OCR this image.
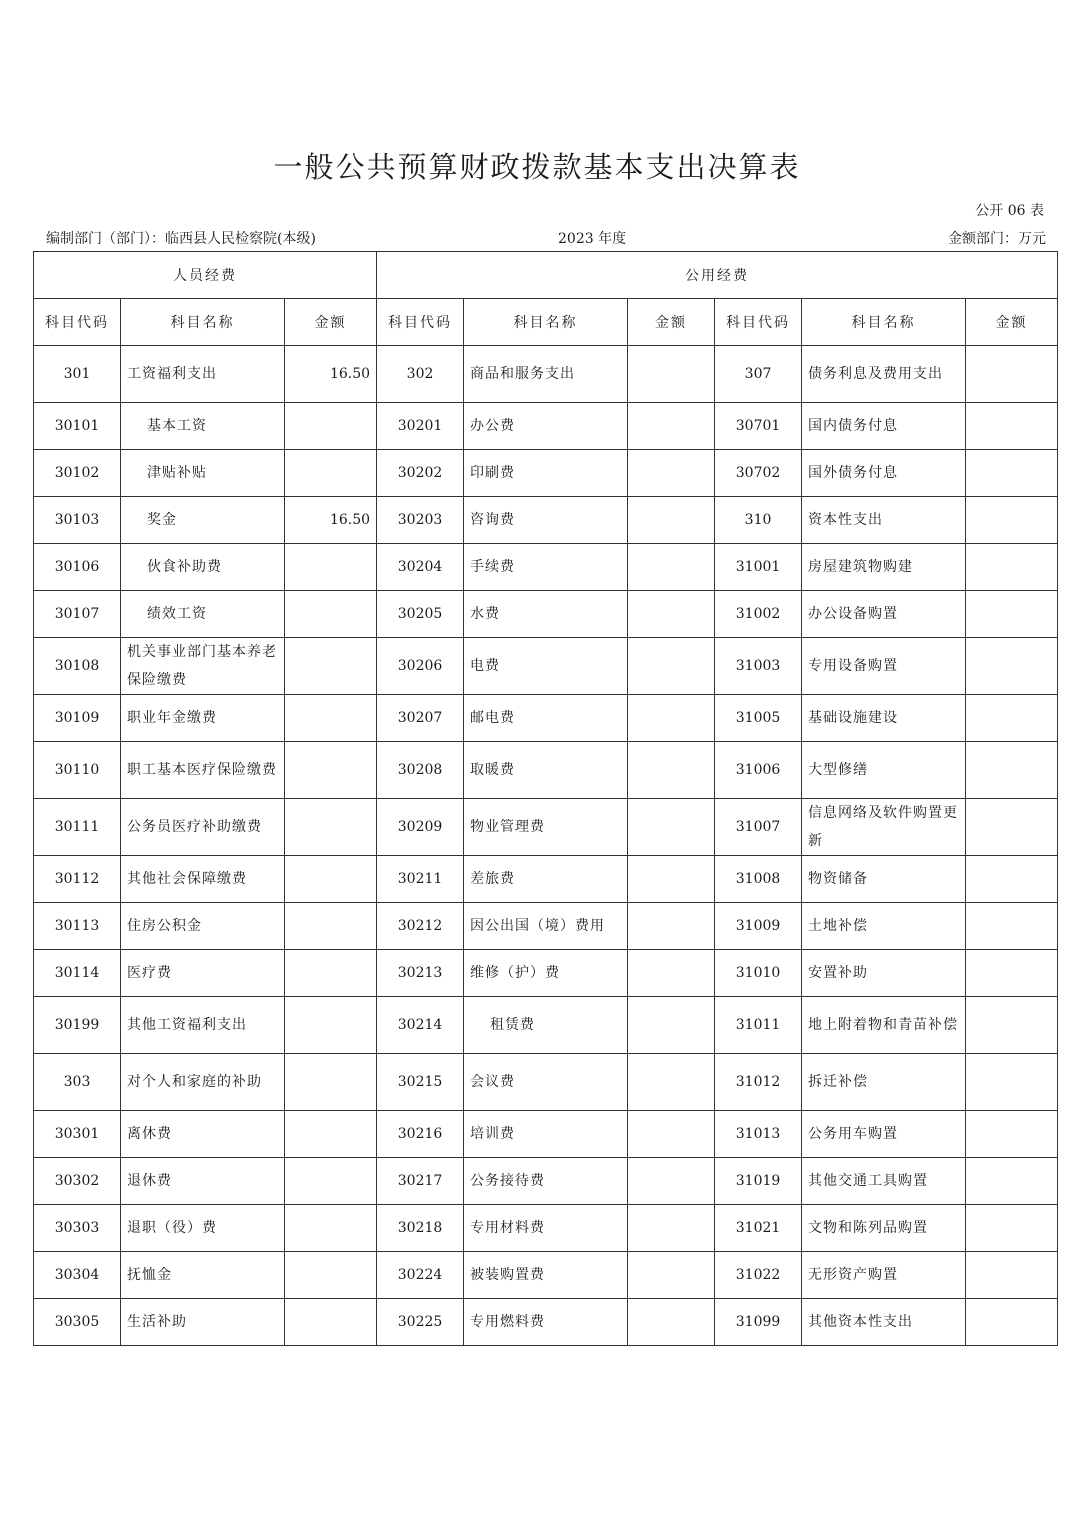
一般公共预算财政拨款基本支出决算表
公开 06 表
编制部门（部门）：临西县人民检察院(本级)	2023 年度	金额部门：万元
人员经费			公用经费					
科目代码	科目名称	金额	科目代码	科目名称	金额	科目代码	科目名称	金额
301	工资福利支出	16.50	302	商品和服务支出		307	债务利息及费用支出	
30101	基本工资		30201	办公费		30701	国内债务付息	
30102	津贴补贴		30202	印刷费		30702	国外债务付息	
30103	奖金	16.50	30203	咨询费		310	资本性支出	
30106	伙食补助费		30204	手续费		31001	房屋建筑物购建	
30107	绩效工资		30205	水费		31002	办公设备购置	
30108	机关事业部门基本养老保险缴费		30206	电费		31003	专用设备购置	
30109	职业年金缴费		30207	邮电费		31005	基础设施建设	
30110	职工基本医疗保险缴费		30208	取暖费		31006	大型修缮	
30111	公务员医疗补助缴费		30209	物业管理费		31007	信息网络及软件购置更新	
30112	其他社会保障缴费		30211	差旅费		31008	物资储备	
30113	住房公积金		30212	因公出国（境）费用		31009	土地补偿	
30114	医疗费		30213	维修（护）费		31010	安置补助	
30199	其他工资福利支出		30214	租赁费		31011	地上附着物和青苗补偿	
303	对个人和家庭的补助		30215	会议费		31012	拆迁补偿	
30301	离休费		30216	培训费		31013	公务用车购置	
30302	退休费		30217	公务接待费		31019	其他交通工具购置	
30303	退职（役）费		30218	专用材料费		31021	文物和陈列品购置	
30304	抚恤金		30224	被装购置费		31022	无形资产购置	
30305	生活补助		30225	专用燃料费		31099	其他资本性支出	
